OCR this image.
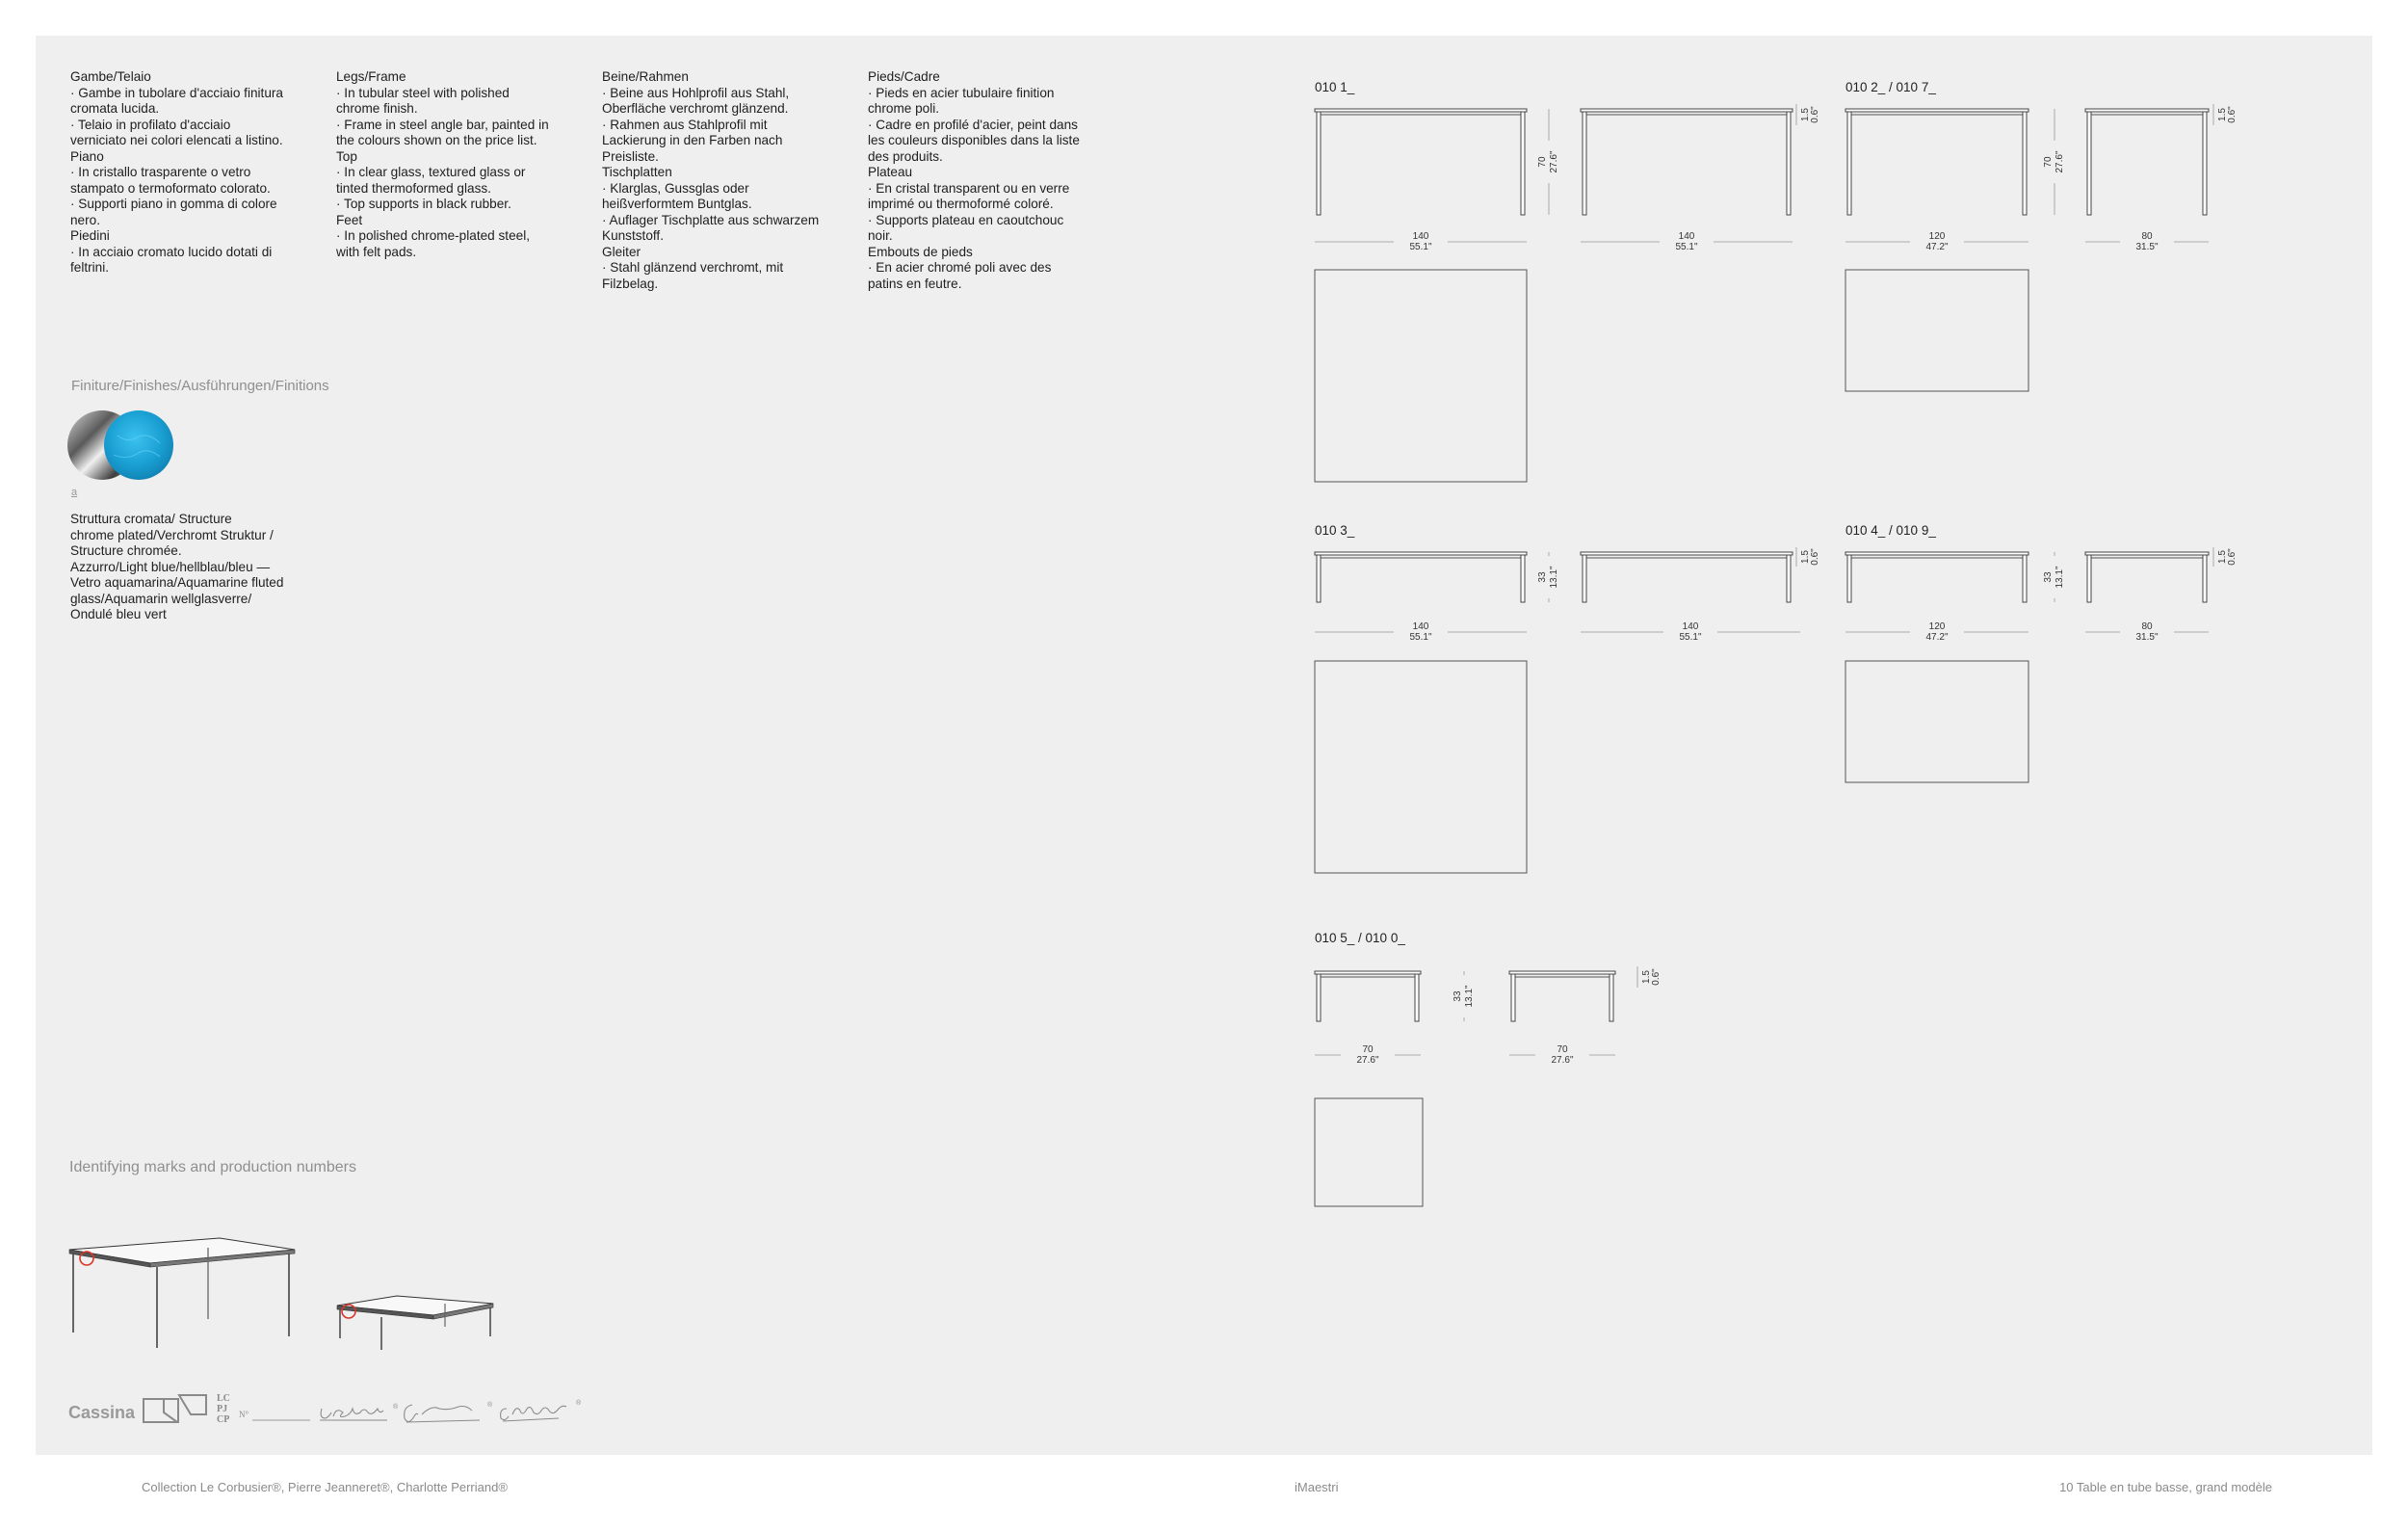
Gambe/Telaio

· Gambe in tubolare d'acciaio finitura

cromata lucida.

· Telaio in profilato d'acciaio

verniciato nei colori elencati a listino.

Piano

· In cristallo trasparente o vetro

stampato o termoformato colorato.

· Supporti piano in gomma di colore

nero.

Piedini

· In acciaio cromato lucido dotati di

feltrini.

Legs/Frame

· In tubular steel with polished

chrome finish.

· Frame in steel angle bar, painted in

the colours shown on the price list.

Top

· In clear glass, textured glass or

tinted thermoformed glass.

· Top supports in black rubber.

Feet

· In polished chrome-plated steel,

with felt pads.

Beine/Rahmen

· Beine aus Hohlprofil aus Stahl,

Oberfläche verchromt glänzend.

· Rahmen aus Stahlprofil mit

Lackierung in den Farben nach

Preisliste.

Tischplatten

· Klarglas, Gussglas oder

heißverformtem Buntglas.

· Auflager Tischplatte aus schwarzem

Kunststoff.

Gleiter

· Stahl glänzend verchromt, mit

Filzbelag.

Pieds/Cadre

· Pieds en acier tubulaire finition

chrome poli.

· Cadre en profilé d'acier, peint dans

les couleurs disponibles dans la liste

des produits.

Plateau

· En cristal transparent ou en verre

imprimé ou thermoformé coloré.

· Supports plateau en caoutchouc

noir.

Embouts de pieds

· En acier chromé poli avec des

patins en feutre.

Finiture/Finishes/Ausführungen/Finitions
a

Struttura cromata/ Structure

chrome plated/Verchromt Struktur /

Structure chromée.

Azzurro/Light blue/hellblau/bleu —

Vetro aquamarina/Aquamarine fluted

glass/Aquamarin wellglasverre/

Ondulé bleu vert

Identifying marks and production numbers
Cassina
LC
PJ
CP N°
®	®	®
010 1_
70 27.6"
1.5 0.6"
140
55.1"
140
55.1"
010 2_ / 010 7_
70 27.6"
1.5 0.6"
120
47.2"
80
31.5"
010 3_
33 13.1"
1.5 0.6"
140
55.1"
140
55.1"
010 4_ / 010 9_
33 13.1"
1.5 0.6"
120
47.2"
80
31.5"
010 5_ / 010 0_
33 13.1"
1.5 0.6"
70
27.6"
70
27.6"
Collection Le Corbusier®, Pierre Jeanneret®, Charlotte Perriand®	iMaestri	10 Table en tube basse, grand modèle
